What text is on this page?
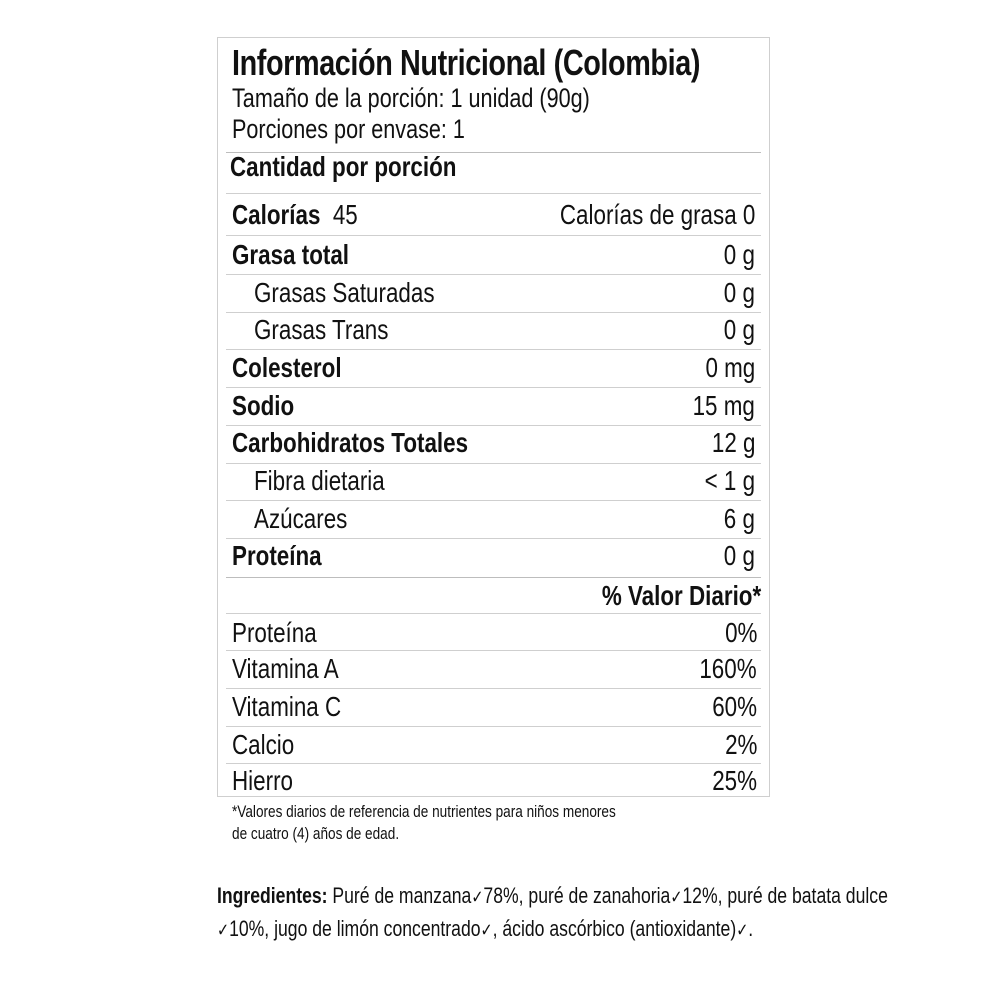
Información Nutricional (Colombia)
Tamaño de la porción: 1 unidad (90g)
Porciones por envase: 1
Cantidad por porción
Calorías 45	Calorías de grasa 0
Grasa total	0 g
Grasas Saturadas	0 g
Grasas Trans	0 g
Colesterol	0 mg
Sodio	15 mg
Carbohidratos Totales	12 g
Fibra dietaria	< 1 g
Azúcares	6 g
Proteína	0 g
% Valor Diario*
Proteína	0%
Vitamina A	160%
Vitamina C	60%
Calcio	2%
Hierro	25%
*Valores diarios de referencia de nutrientes para niños menores
de cuatro (4) años de edad.
Ingredientes: Puré de manzana✓78%, puré de zanahoria✓12%, puré de batata dulce ✓10%, jugo de limón concentrado✓, ácido ascórbico (antioxidante)✓.
